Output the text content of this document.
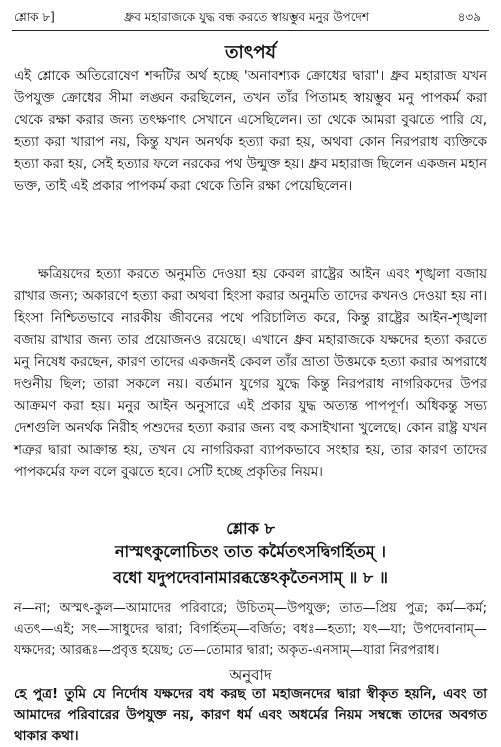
শ্লোক ৮]	ধ্রুব মহারাজকে যুদ্ধ বন্ধ করতে স্বায়ম্ভুব মনুর উপদেশ	৪৩৯
তাৎপর্য
এই শ্লোকে অতিরোষেণ শব্দটির অর্থ হচ্ছে 'অনাবশ্যক ক্রোধের দ্বারা'। ধ্রুব মহারাজ যখন উপযুক্ত ক্রোধের সীমা লঙ্ঘন করছিলেন, তখন তাঁর পিতামহ স্বায়ম্ভুব মনু পাপকর্ম করা থেকে রক্ষা করার জন্য তৎক্ষণাৎ সেখানে এসেছিলেন। তা থেকে আমরা বুঝতে পারি যে, হত্যা করা খারাপ নয়, কিন্তু যখন অনর্থক হত্যা করা হয়, অথবা কোন নিরপরাধ ব্যক্তিকে হত্যা করা হয়, সেই হত্যার ফলে নরকের পথ উন্মুক্ত হয়। ধ্রুব মহারাজ ছিলেন একজন মহান ভক্ত, তাই এই প্রকার পাপকর্ম করা থেকে তিনি রক্ষা পেয়েছিলেন।
ক্ষত্রিয়দের হত্যা করতে অনুমতি দেওয়া হয় কেবল রাষ্ট্রের আইন এবং শৃঙ্খলা বজায় রাখার জন্য; অকারণে হত্যা করা অথবা হিংসা করার অনুমতি তাদের কখনও দেওয়া হয় না। হিংসা নিশ্চিতভাবে নারকীয় জীবনের পথে পরিচালিত করে, কিন্তু রাষ্ট্রের আইন-শৃঙ্খলা বজায় রাখার জন্য তার প্রয়োজনও রয়েছে। এখানে ধ্রুব মহারাজকে যক্ষদের হত্যা করতে মনু নিষেধ করছেন, কারণ তাদের একজনই কেবল তাঁর ভ্রাতা উত্তমকে হত্যা করার অপরাধে দণ্ডনীয় ছিল; তারা সকলে নয়। বর্তমান যুগের যুদ্ধে কিন্তু নিরপরাধ নাগরিকদের উপর আক্রমণ করা হয়। মনুর আইন অনুসারে এই প্রকার যুদ্ধ অত্যন্ত পাপপূর্ণ। অধিকন্তু সভ্য দেশগুলি অনর্থক নিরীহ পশুদের হত্যা করার জন্য বহু কসাইখানা খুলেছে। কোন রাষ্ট্র যখন শত্রুর দ্বারা আক্রান্ত হয়, তখন যে নাগরিকরা ব্যাপকভাবে সংহার হয়, তার কারণ তাদের পাপকর্মের ফল বলে বুঝতে হবে। সেটি হচ্ছে প্রকৃতির নিয়ম।
শ্লোক ৮
নাস্মৎকুলোচিতং তাত কর্মৈতৎসদ্বিগর্হিতম্ ।
বধো যদুপদেবানামারব্ধস্তেঽকৃতৈনসাম্ ॥ ৮ ॥
ন—না; অস্মৎ-কুল—আমাদের পরিবারে; উচিতম্—উপযুক্ত; তাত—প্রিয় পুত্র; কর্ম—কর্ম; এতৎ—এই; সৎ—সাধুদের দ্বারা; বিগর্হিতম্—বর্জিত; বধঃ—হত্যা; যৎ—যা; উপদেবানাম্—যক্ষদের; আরব্ধঃ—প্রবৃত্ত হয়েছ; তে—তোমার দ্বারা; অকৃত-এনসাম্—যারা নিরপরাধ।
অনুবাদ
হে পুত্র! তুমি যে নির্দোষ যক্ষদের বধ করছ তা মহাজনদের দ্বারা স্বীকৃত হয়নি, এবং তা আমাদের পরিবারের উপযুক্ত নয়, কারণ ধর্ম এবং অধর্মের নিয়ম সম্বন্ধে তাদের অবগত থাকার কথা।
